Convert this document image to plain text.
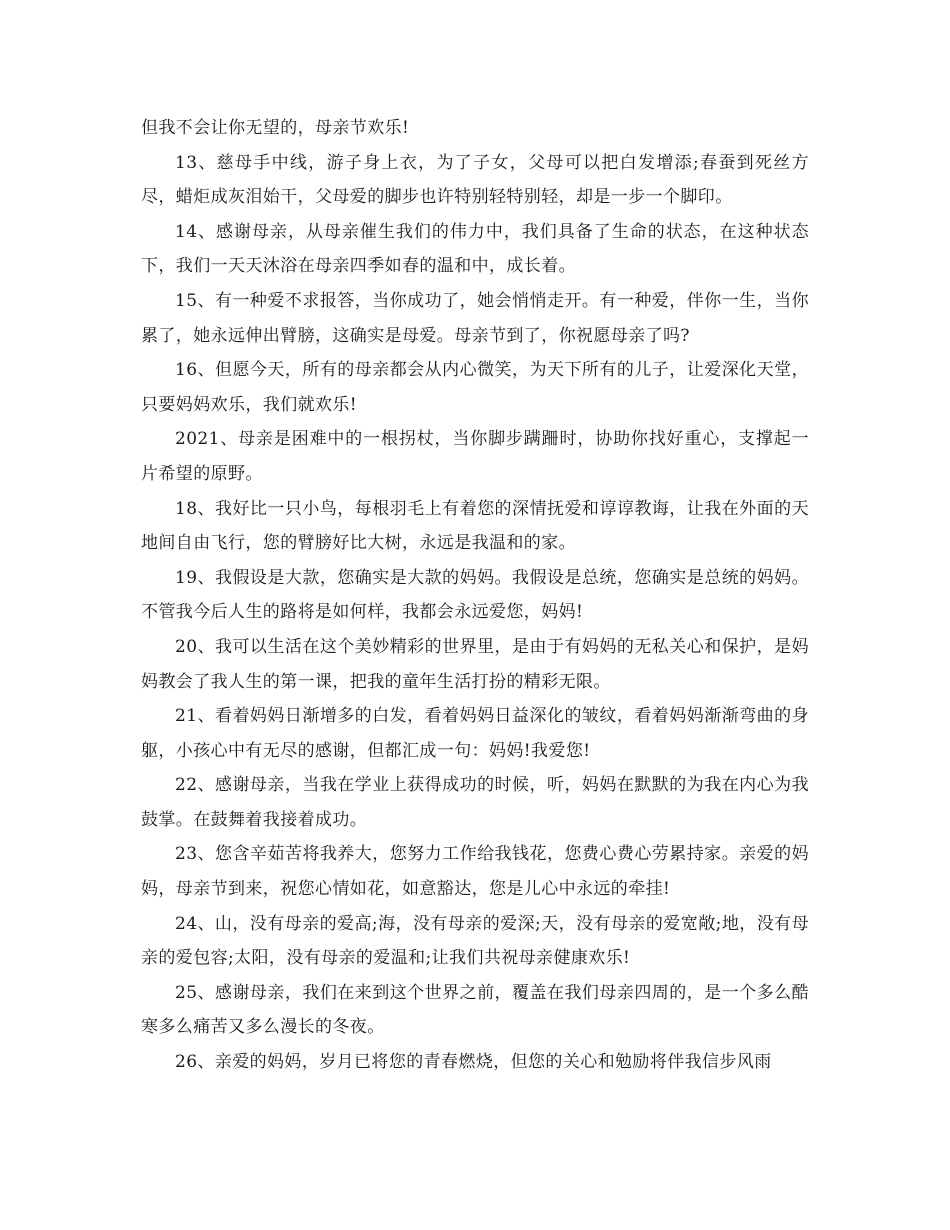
但我不会让你无望的，母亲节欢乐!

13、慈母手中线，游子身上衣，为了子女，父母可以把白发增添;春蚕到死丝方尽，蜡炬成灰泪始干，父母爱的脚步也许特别轻特别轻，却是一步一个脚印。

14、感谢母亲，从母亲催生我们的伟力中，我们具备了生命的状态，在这种状态下，我们一天天沐浴在母亲四季如春的温和中，成长着。

15、有一种爱不求报答，当你成功了，她会悄悄走开。有一种爱，伴你一生，当你累了，她永远伸出臂膀，这确实是母爱。母亲节到了，你祝愿母亲了吗?

16、但愿今天，所有的母亲都会从内心微笑，为天下所有的儿子，让爱深化天堂，只要妈妈欢乐，我们就欢乐!

2021、母亲是困难中的一根拐杖，当你脚步蹒跚时，协助你找好重心，支撑起一片希望的原野。

18、我好比一只小鸟，每根羽毛上有着您的深情抚爱和谆谆教诲，让我在外面的天地间自由飞行，您的臂膀好比大树，永远是我温和的家。

19、我假设是大款，您确实是大款的妈妈。我假设是总统，您确实是总统的妈妈。不管我今后人生的路将是如何样，我都会永远爱您，妈妈!

20、我可以生活在这个美妙精彩的世界里，是由于有妈妈的无私关心和保护，是妈妈教会了我人生的第一课，把我的童年生活打扮的精彩无限。

21、看着妈妈日渐增多的白发，看着妈妈日益深化的皱纹，看着妈妈渐渐弯曲的身躯，小孩心中有无尽的感谢，但都汇成一句：妈妈!我爱您!

22、感谢母亲，当我在学业上获得成功的时候，听，妈妈在默默的为我在内心为我鼓掌。在鼓舞着我接着成功。

23、您含辛茹苦将我养大，您努力工作给我钱花，您费心费心劳累持家。亲爱的妈妈，母亲节到来，祝您心情如花，如意豁达，您是儿心中永远的牵挂!

24、山，没有母亲的爱高;海，没有母亲的爱深;天，没有母亲的爱宽敞;地，没有母亲的爱包容;太阳，没有母亲的爱温和;让我们共祝母亲健康欢乐!

25、感谢母亲，我们在来到这个世界之前，覆盖在我们母亲四周的，是一个多么酷寒多么痛苦又多么漫长的冬夜。

26、亲爱的妈妈，岁月已将您的青春燃烧，但您的关心和勉励将伴我信步风雨
